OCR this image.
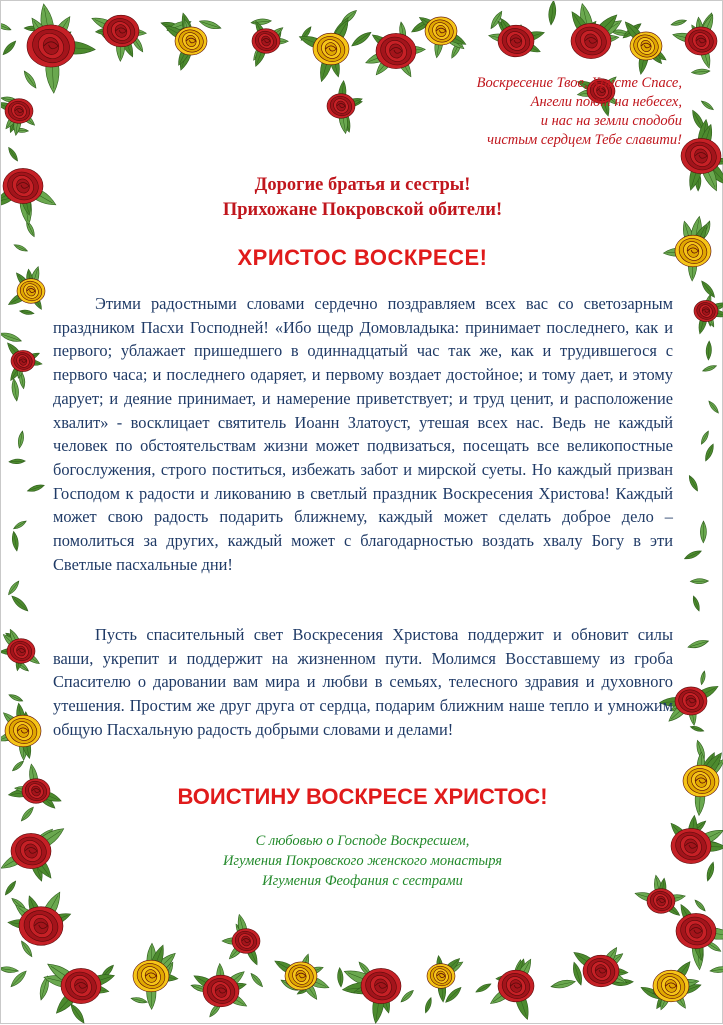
Воскресение Твое, Христе Спасе,
Ангели поют на небесех,
и нас на земли сподоби
чистым сердцем Тебе славити!
Дорогие братья и сестры!
Прихожане Покровской обители!
ХРИСТОС ВОСКРЕСЕ!

Этими радостными словами сердечно поздравляем всех вас со светозарным праздником Пасхи Господней! «Ибо щедр Домовладыка: принимает последнего, как и первого; ублажает пришедшего в одиннадцатый час так же, как и трудившегося с первого часа; и последнего одаряет, и первому воздает достойное; и тому дает, и этому дарует; и деяние принимает, и намерение приветствует; и труд ценит, и расположение хвалит» - восклицает святитель Иоанн Златоуст, утешая всех нас. Ведь не каждый человек по обстоятельствам жизни может подвизаться, посещать все великопостные богослужения, строго поститься, избежать забот и мирской суеты. Но каждый призван Господом к радости и ликованию в светлый праздник Воскресения Христова! Каждый может свою радость подарить ближнему, каждый может сделать доброе дело – помолиться за других, каждый может с благодарностью воздать хвалу Богу в эти Светлые пасхальные дни!

Пусть спасительный свет Воскресения Христова поддержит и обновит силы ваши, укрепит и поддержит на жизненном пути. Молимся Восставшему из гроба Спасителю о даровании вам мира и любви в семьях, телесного здравия и духовного утешения. Простим же друг друга от сердца, подарим ближним наше тепло и умножим общую Пасхальную радость добрыми словами и делами!

ВОИСТИНУ ВОСКРЕСЕ ХРИСТОС!
С любовью о Господе Воскресшем,
Игумения Покровского женского монастыря
Игумения Феофания с сестрами
